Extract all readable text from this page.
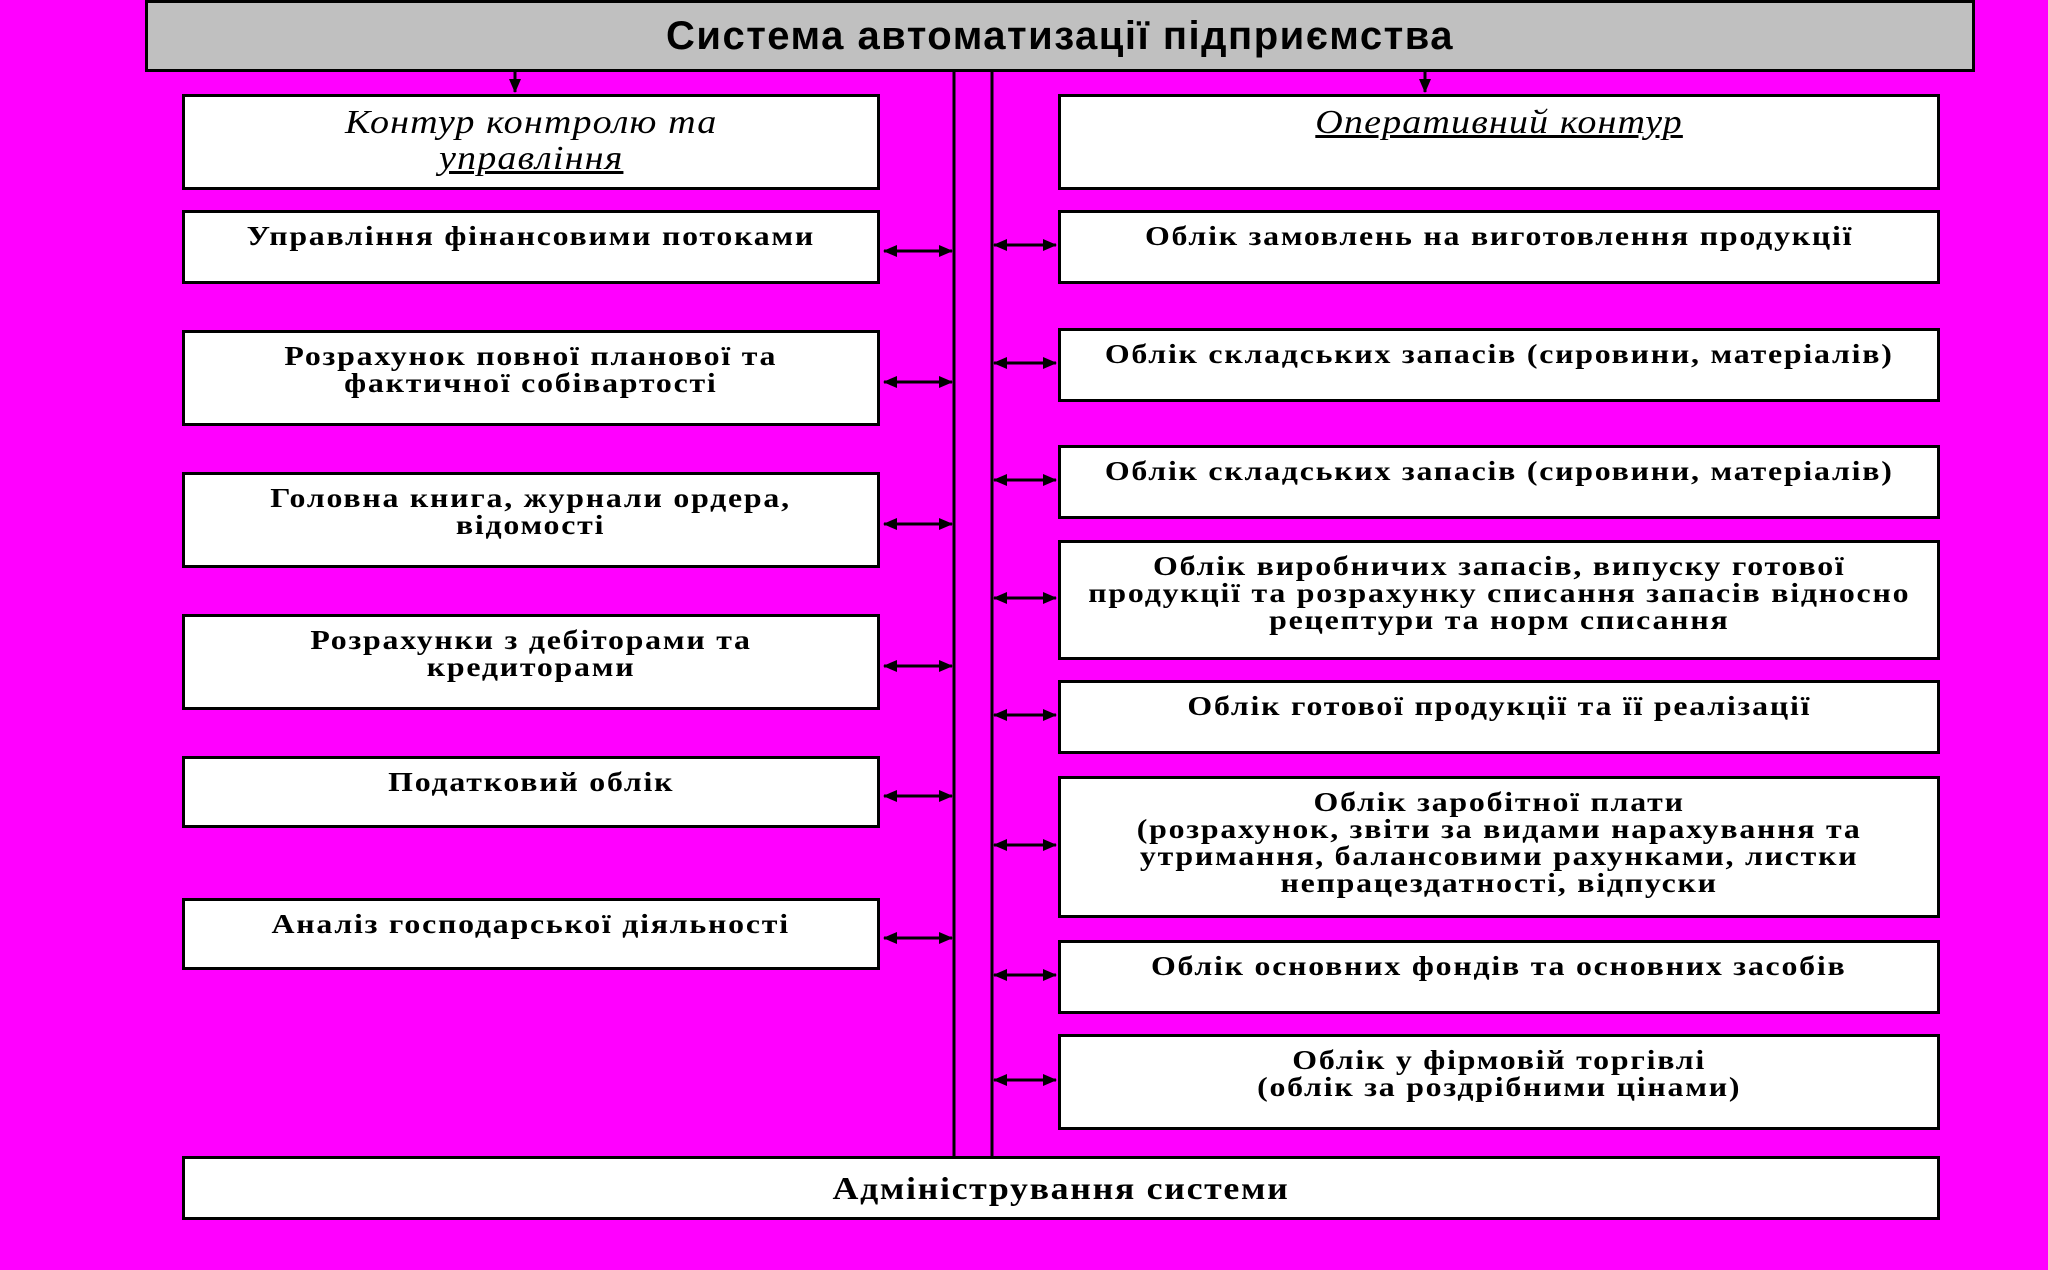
Система автоматизації підприємства
Контур контролю та
управління
Оперативний контур
Управління фінансовими потоками
Розрахунок повної планової та
фактичної собівартості
Головна книга, журнали ордера,
відомості
Розрахунки з дебіторами та
кредиторами
Податковий облік
Аналіз господарської діяльності
Облік замовлень на виготовлення продукції
Облік складських запасів (сировини, матеріалів)
Облік складських запасів (сировини, матеріалів)
Облік виробничих запасів, випуску готової
продукції та розрахунку списання запасів відносно
рецептури та норм списання
Облік готової продукції та її реалізації
Облік заробітної плати
(розрахунок, звіти за видами нарахування та
утримання, балансовими рахунками, листки
непрацездатності, відпуски
Облік основних фондів та основних засобів
Облік у фірмовій торгівлі
(облік за роздрібними цінами)
Адміністрування системи
